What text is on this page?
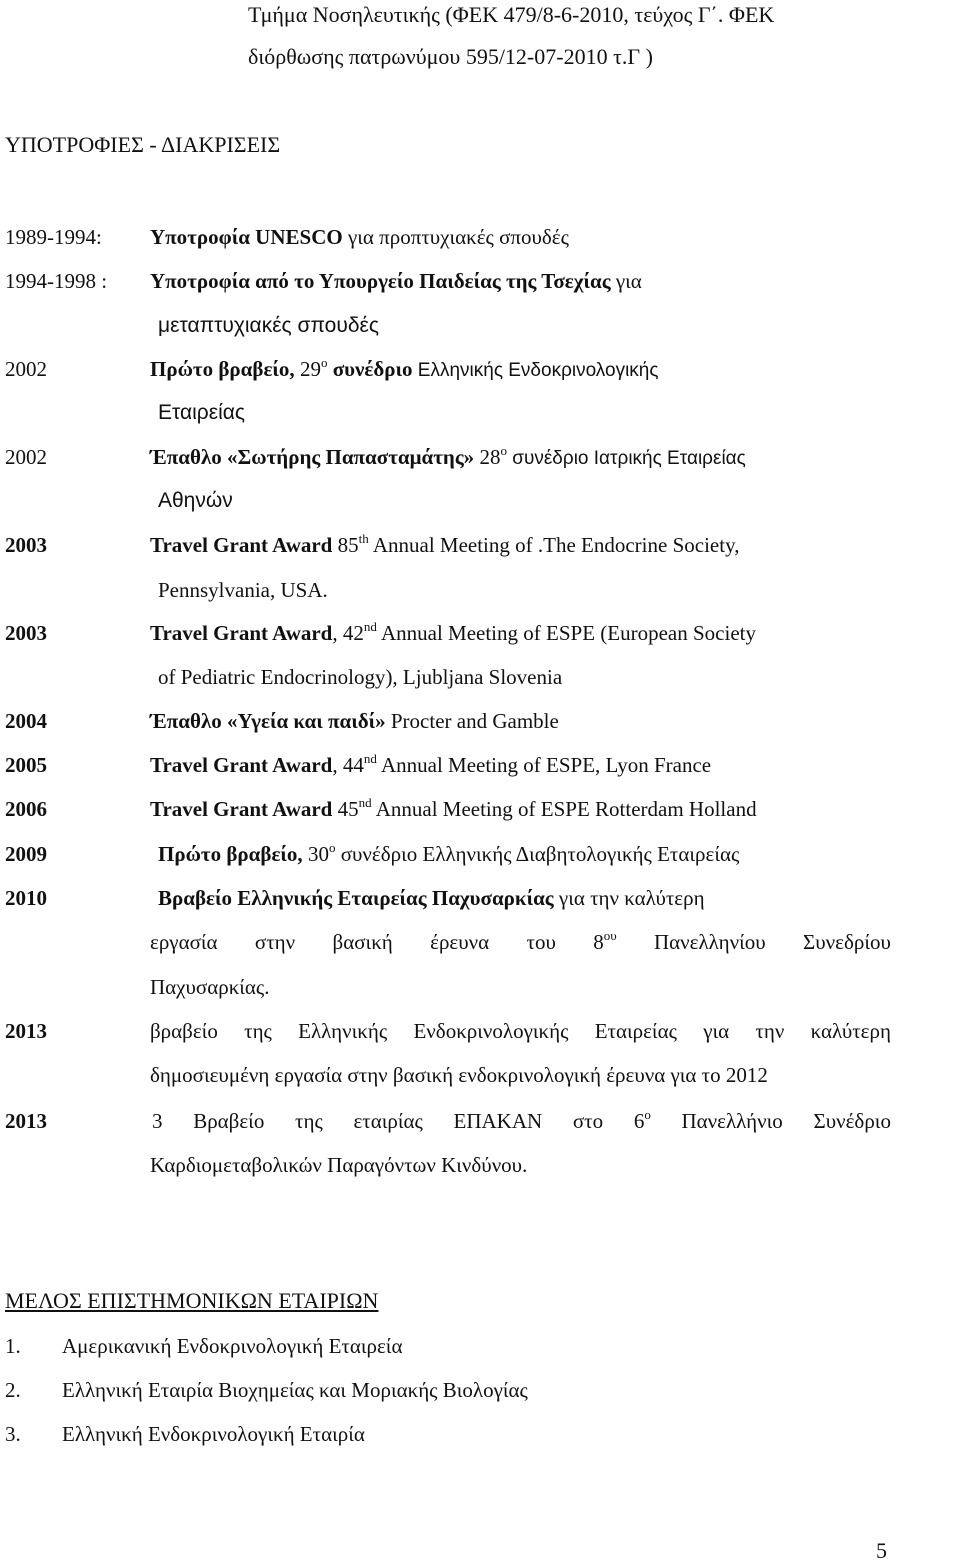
Τμήμα Νοσηλευτικής (ΦΕΚ 479/8-6-2010, τεύχος Γ΄. ΦΕΚ
διόρθωσης πατρωνύμου 595/12-07-2010 τ.Γ )
ΥΠΟΤΡΟΦΙΕΣ - ΔΙΑΚΡΙΣΕΙΣ
1989-1994: Υποτροφία UNESCO για προπτυχιακές σπουδές
1994-1998 : Υποτροφία από το Υπουργείο Παιδείας της Τσεχίας για
μεταπτυχιακές σπουδές
2002	Πρώτο βραβείο, $29^o$ συνέδριο Ελληνικής Ενδοκρινολογικής
Εταιρείας
2002	Έπαθλο «Σωτήρης Παπασταμάτης» $28^o$ συνέδριο Ιατρικής Εταιρείας
Αθηνών
2003	Travel Grant Award 85th Annual Meeting of .The Endocrine Society,
Pennsylvania, USA.
2003	Travel Grant Award, 42nd Annual Meeting of ESPE (European Society
of Pediatric Endocrinology), Ljubljana Slovenia
2004	Έπαθλο «Υγεία και παιδί» Procter and Gamble
2005	Travel Grant Award, 44nd Annual Meeting of ESPE, Lyon France
2006	Travel Grant Award 45nd Annual Meeting of ESPE Rotterdam Holland
2009	Πρώτο βραβείο, $30^o$ συνέδριο Ελληνικής Διαβητολογικής Εταιρείας
2010	Βραβείο Ελληνικής Εταιρείας Παχυσαρκίας για την καλύτερη
εργασία στην βασική έρευνα του $8^{o\upsilon}$ Πανελληνίου Συνεδρίου
Παχυσαρκίας.
2013	βραβείο της Ελληνικής Ενδοκρινολογικής Εταιρείας για την καλύτερη
δημοσιευμένη εργασία στην βασική ενδοκρινολογική έρευνα για το 2012
2013	3 Βραβείο της εταιρίας ΕΠΑΚΑΝ στο $6^o$ Πανελλήνιο Συνέδριο
Καρδιομεταβολικών Παραγόντων Κινδύνου.
ΜΕΛΟΣ ΕΠΙΣΤΗΜΟΝΙΚΩΝ ΕΤΑΙΡΙΩΝ
1. Αμερικανική Ενδοκρινολογική Εταιρεία
2. Ελληνική Εταιρία Βιοχημείας και Μοριακής Βιολογίας
3. Ελληνική Ενδοκρινολογική Εταιρία
5
